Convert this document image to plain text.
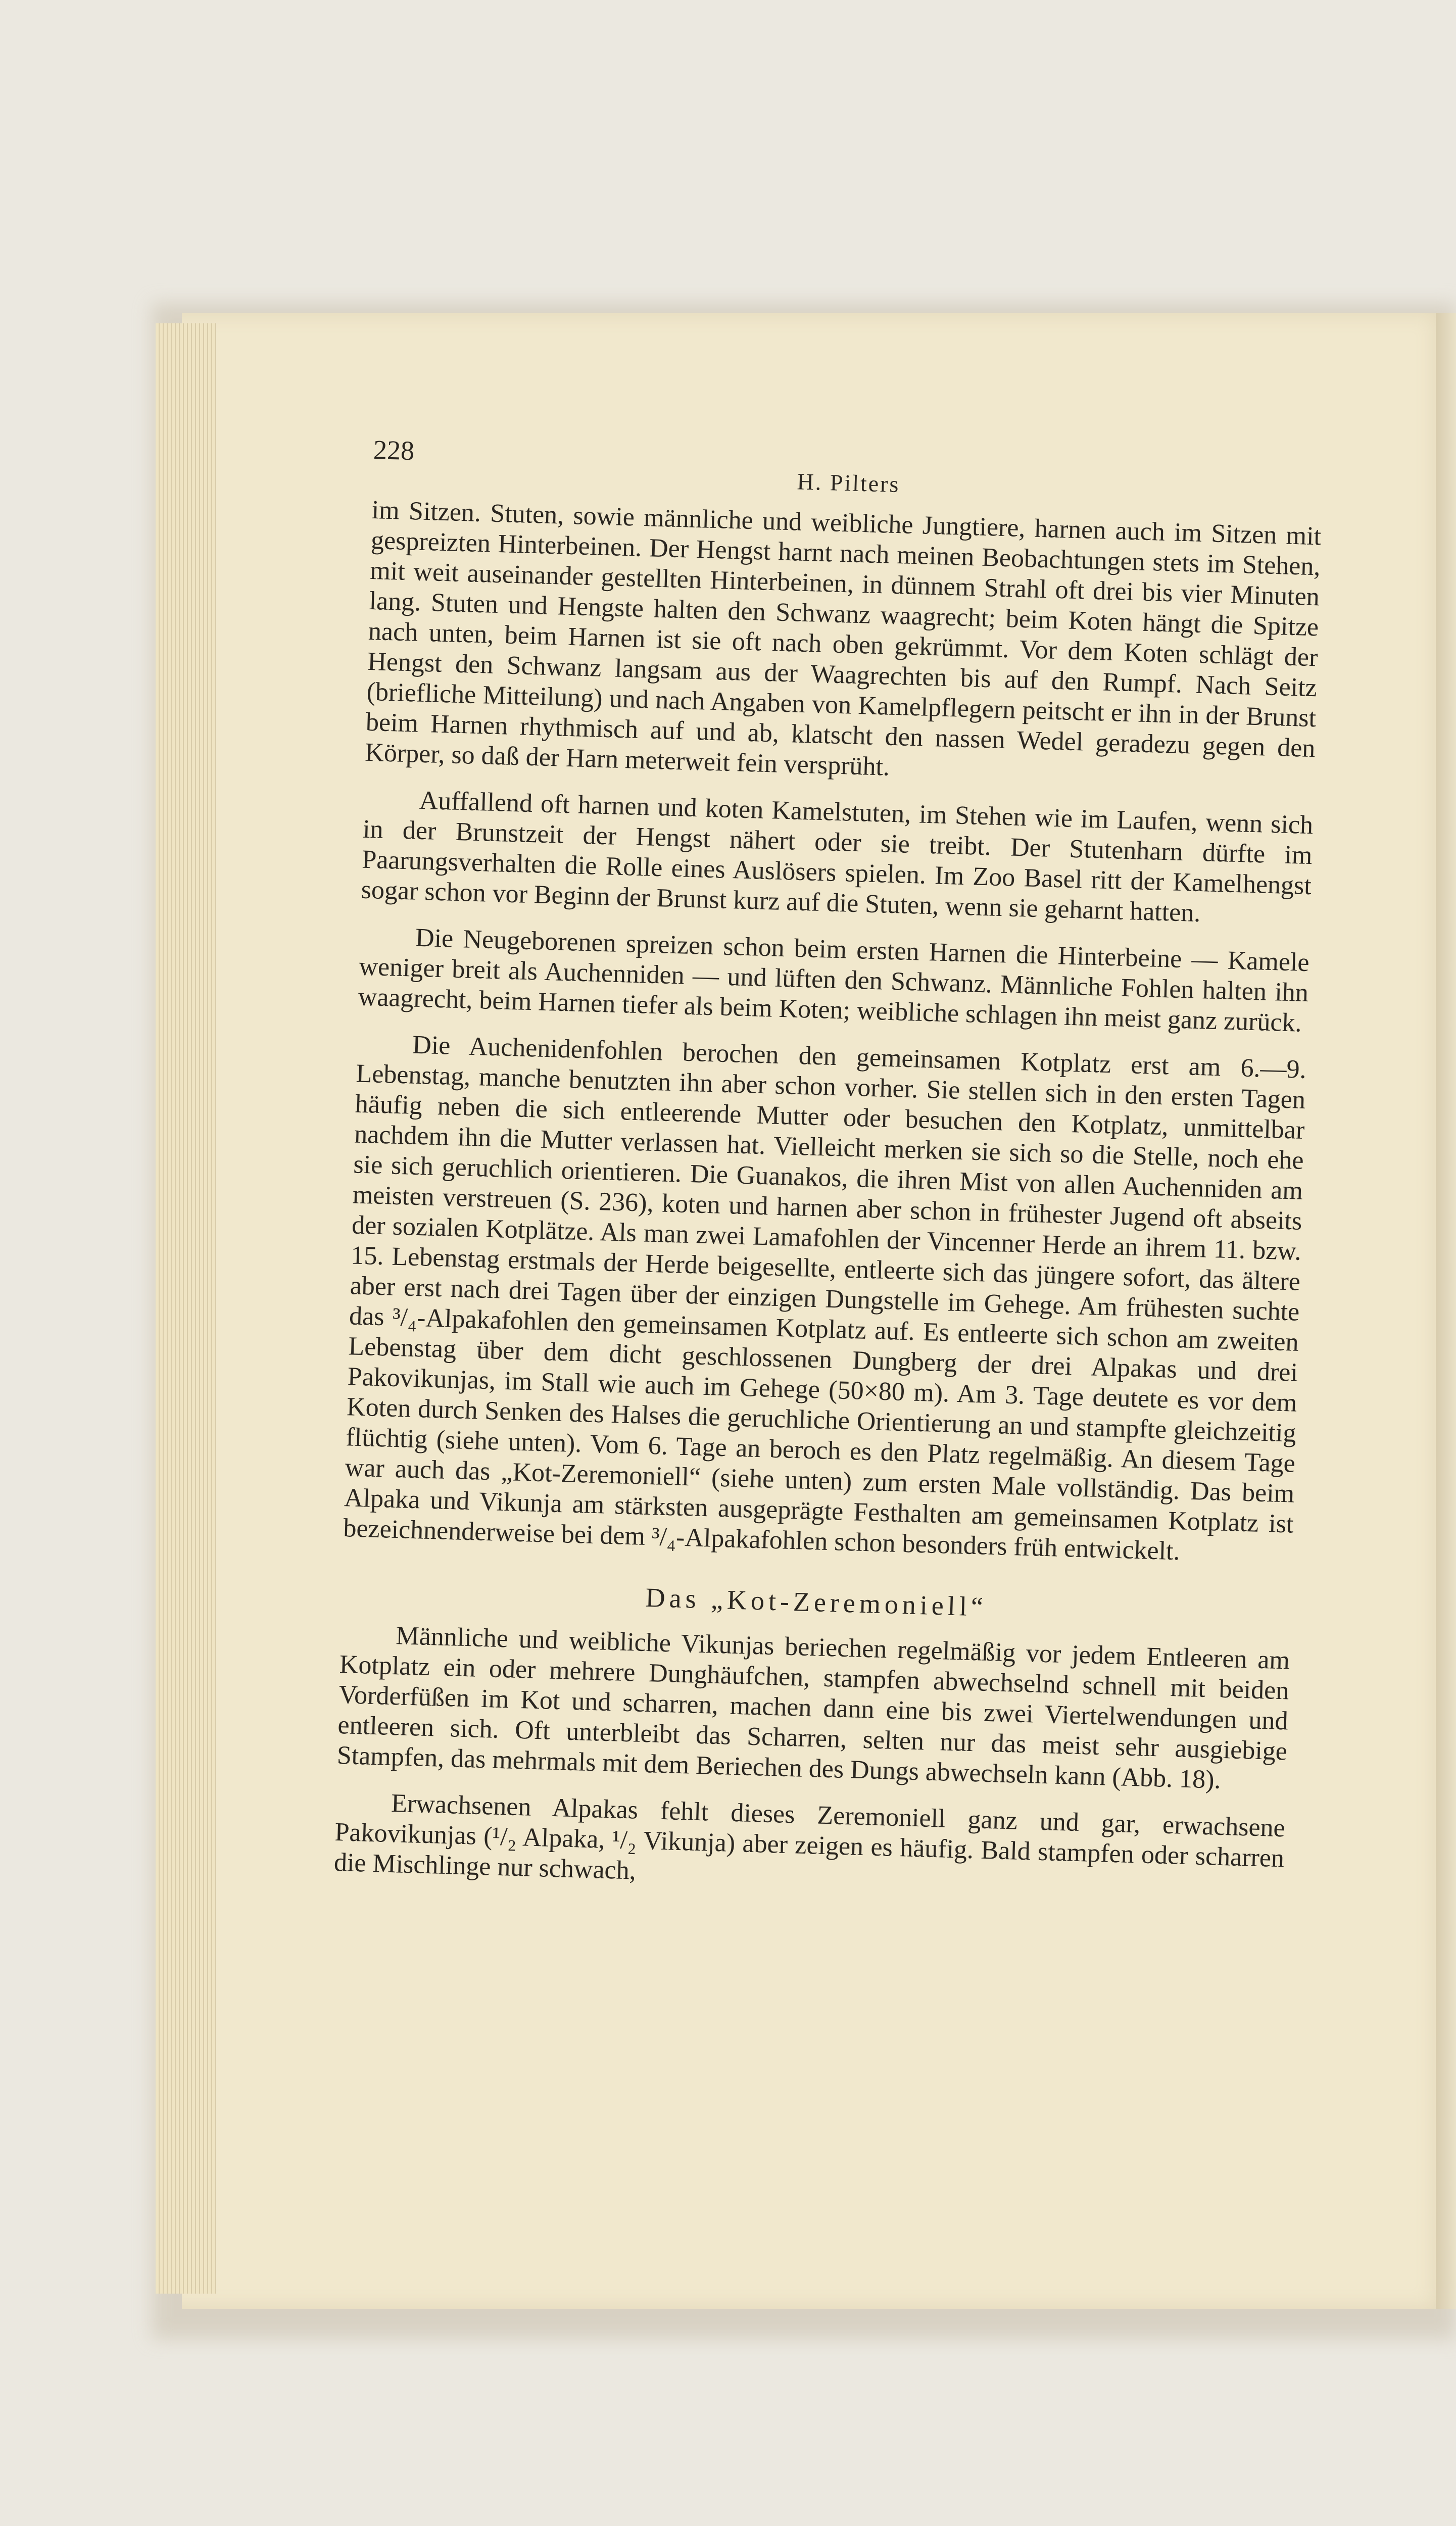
228
H. Pilters

im Sitzen. Stuten, sowie männliche und weibliche Jungtiere, harnen auch im Sitzen mit gespreizten Hinterbeinen. Der Hengst harnt nach meinen Beobachtungen stets im Stehen, mit weit auseinander gestellten Hinterbeinen, in dünnem Strahl oft drei bis vier Minuten lang. Stuten und Hengste halten den Schwanz waagrecht; beim Koten hängt die Spitze nach unten, beim Harnen ist sie oft nach oben gekrümmt. Vor dem Koten schlägt der Hengst den Schwanz langsam aus der Waagrechten bis auf den Rumpf. Nach Seitz (briefliche Mitteilung) und nach Angaben von Kamelpflegern peitscht er ihn in der Brunst beim Harnen rhythmisch auf und ab, klatscht den nassen Wedel geradezu gegen den Körper, so daß der Harn meterweit fein versprüht.

Auffallend oft harnen und koten Kamelstuten, im Stehen wie im Laufen, wenn sich in der Brunstzeit der Hengst nähert oder sie treibt. Der Stutenharn dürfte im Paarungsverhalten die Rolle eines Auslösers spielen. Im Zoo Basel ritt der Kamelhengst sogar schon vor Beginn der Brunst kurz auf die Stuten, wenn sie geharnt hatten.

Die Neugeborenen spreizen schon beim ersten Harnen die Hinterbeine — Kamele weniger breit als Auchenniden — und lüften den Schwanz. Männliche Fohlen halten ihn waagrecht, beim Harnen tiefer als beim Koten; weibliche schlagen ihn meist ganz zurück.

Die Auchenidenfohlen berochen den gemeinsamen Kotplatz erst am 6.—9. Lebenstag, manche benutzten ihn aber schon vorher. Sie stellen sich in den ersten Tagen häufig neben die sich entleerende Mutter oder besuchen den Kotplatz, unmittelbar nachdem ihn die Mutter verlassen hat. Vielleicht merken sie sich so die Stelle, noch ehe sie sich geruchlich orientieren. Die Guanakos, die ihren Mist von allen Auchenniden am meisten verstreuen (S. 236), koten und harnen aber schon in frühester Jugend oft abseits der sozialen Kotplätze. Als man zwei Lamafohlen der Vincenner Herde an ihrem 11. bzw. 15. Lebenstag erstmals der Herde beigesellte, entleerte sich das jüngere sofort, das ältere aber erst nach drei Tagen über der einzigen Dungstelle im Gehege. Am frühesten suchte das ³/₄-Alpakafohlen den gemeinsamen Kotplatz auf. Es entleerte sich schon am zweiten Lebenstag über dem dicht geschlossenen Dungberg der drei Alpakas und drei Pakovikunjas, im Stall wie auch im Gehege (50×80 m). Am 3. Tage deutete es vor dem Koten durch Senken des Halses die geruchliche Orientierung an und stampfte gleichzeitig flüchtig (siehe unten). Vom 6. Tage an beroch es den Platz regelmäßig. An diesem Tage war auch das „Kot-Zeremoniell“ (siehe unten) zum ersten Male vollständig. Das beim Alpaka und Vikunja am stärksten ausgeprägte Festhalten am gemeinsamen Kotplatz ist bezeichnenderweise bei dem ³/₄-Alpakafohlen schon besonders früh entwickelt.

Das „Kot-Zeremoniell“

Männliche und weibliche Vikunjas beriechen regelmäßig vor jedem Entleeren am Kotplatz ein oder mehrere Dunghäufchen, stampfen abwechselnd schnell mit beiden Vorderfüßen im Kot und scharren, machen dann eine bis zwei Viertelwendungen und entleeren sich. Oft unterbleibt das Scharren, selten nur das meist sehr ausgiebige Stampfen, das mehrmals mit dem Beriechen des Dungs abwechseln kann (Abb. 18).

Erwachsenen Alpakas fehlt dieses Zeremoniell ganz und gar, erwachsene Pakovikunjas (¹/₂ Alpaka, ¹/₂ Vikunja) aber zeigen es häufig. Bald stampfen oder scharren die Mischlinge nur schwach,
